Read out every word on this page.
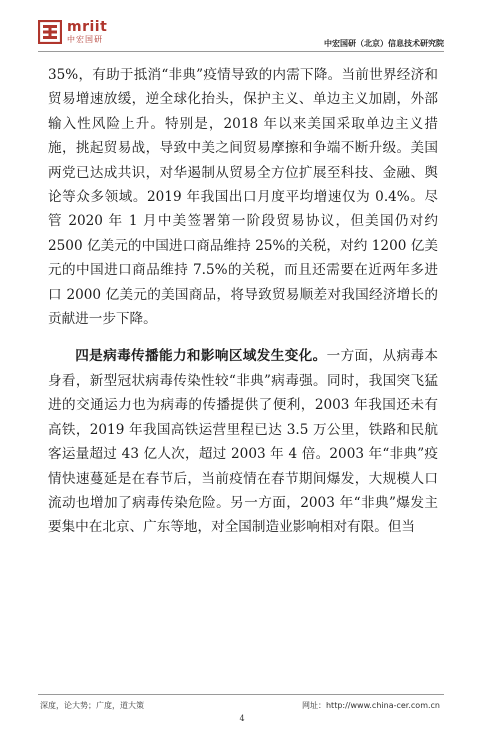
mriit
中宏国研	中宏国研（北京）信息技术研究院

35%，有助于抵消“非典”疫情导致的内需下降。当前世界经济和贸易增速放缓，逆全球化抬头，保护主义、单边主义加剧，外部输入性风险上升。特别是，2018 年以来美国采取单边主义措施，挑起贸易战，导致中美之间贸易摩擦和争端不断升级。美国两党已达成共识，对华遏制从贸易全方位扩展至科技、金融、舆论等众多领域。2019 年我国出口月度平均增速仅为 0.4%。尽管 2020 年 1 月中美签署第一阶段贸易协议，但美国仍对约 2500 亿美元的中国进口商品维持 25%的关税，对约 1200 亿美元的中国进口商品维持 7.5%的关税，而且还需要在近两年多进口 2000 亿美元的美国商品，将导致贸易顺差对我国经济增长的贡献进一步下降。

四是病毒传播能力和影响区域发生变化。一方面，从病毒本身看，新型冠状病毒传染性较“非典”病毒强。同时，我国突飞猛进的交通运力也为病毒的传播提供了便利，2003 年我国还未有高铁，2019 年我国高铁运营里程已达 3.5 万公里，铁路和民航客运量超过 43 亿人次，超过 2003 年 4 倍。2003 年“非典”疫情快速蔓延是在春节后，当前疫情在春节期间爆发，大规模人口流动也增加了病毒传染危险。另一方面，2003 年“非典”爆发主要集中在北京、广东等地，对全国制造业影响相对有限。但当

深度，论大势；广度，道大策	网址：http://www.china-cer.com.cn
4
